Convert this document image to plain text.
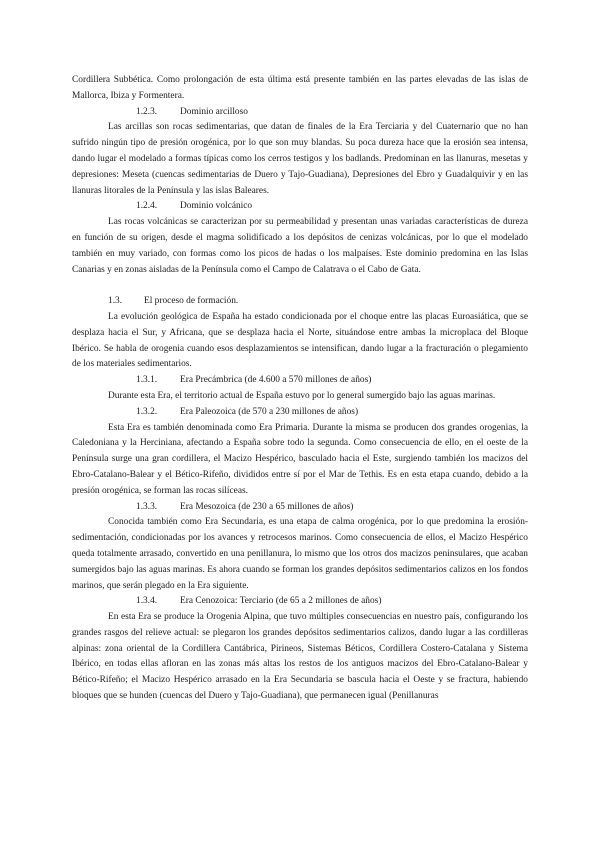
Cordillera Subbética. Como prolongación de esta última está presente también en las partes elevadas de las islas de Mallorca, Ibiza y Formentera.

1.2.3. Dominio arcilloso

Las arcillas son rocas sedimentarias, que datan de finales de la Era Terciaria y del Cuaternario que no han sufrido ningún tipo de presión orogénica, por lo que son muy blandas. Su poca dureza hace que la erosión sea intensa, dando lugar el modelado a formas típicas como los cerros testigos y los badlands. Predominan en las llanuras, mesetas y depresiones: Meseta (cuencas sedimentarias de Duero y Tajo-Guadiana), Depresiones del Ebro y Guadalquivir y en las llanuras litorales de la Península y las islas Baleares.

1.2.4. Dominio volcánico

Las rocas volcánicas se caracterizan por su permeabilidad y presentan unas variadas características de dureza en función de su origen, desde el magma solidificado a los depósitos de cenizas volcánicas, por lo que el modelado también en muy variado, con formas como los picos de hadas o los malpaíses. Este dominio predomina en las Islas Canarias y en zonas aisladas de la Península como el Campo de Calatrava o el Cabo de Gata.

1.3. El proceso de formación.

La evolución geológica de España ha estado condicionada por el choque entre las placas Euroasiática, que se desplaza hacia el Sur, y Africana, que se desplaza hacia el Norte, situándose entre ambas la microplaca del Bloque Ibérico. Se habla de orogenia cuando esos desplazamientos se intensifican, dando lugar a la fracturación o plegamiento de los materiales sedimentarios.

1.3.1. Era Precámbrica (de 4.600 a 570 millones de años)

Durante esta Era, el territorio actual de España estuvo por lo general sumergido bajo las aguas marinas.

1.3.2. Era Paleozoica (de 570 a 230 millones de años)

Esta Era es también denominada como Era Primaria. Durante la misma se producen dos grandes orogenias, la Caledoniana y la Herciniana, afectando a España sobre todo la segunda. Como consecuencia de ello, en el oeste de la Península surge una gran cordillera, el Macizo Hespérico, basculado hacia el Este, surgiendo también los macizos del Ebro-Catalano-Balear y el Bético-Rifeño, divididos entre sí por el Mar de Tethis. Es en esta etapa cuando, debido a la presión orogénica, se forman las rocas silíceas.

1.3.3. Era Mesozoica (de 230 a 65 millones de años)

Conocida también como Era Secundaria, es una etapa de calma orogénica, por lo que predomina la erosión-sedimentación, condicionadas por los avances y retrocesos marinos. Como consecuencia de ellos, el Macizo Hespérico queda totalmente arrasado, convertido en una penillanura, lo mismo que los otros dos macizos peninsulares, que acaban sumergidos bajo las aguas marinas. Es ahora cuando se forman los grandes depósitos sedimentarios calizos en los fondos marinos, que serán plegado en la Era siguiente.

1.3.4. Era Cenozoica: Terciario (de 65 a 2 millones de años)

En esta Era se produce la Orogenia Alpina, que tuvo múltiples consecuencias en nuestro país, configurando los grandes rasgos del relieve actual: se plegaron los grandes depósitos sedimentarios calizos, dando lugar a las cordilleras alpinas: zona oriental de la Cordillera Cantábrica, Pirineos, Sistemas Béticos, Cordillera Costero-Catalana y Sistema Ibérico, en todas ellas afloran en las zonas más altas los restos de los antiguos macizos del Ebro-Catalano-Balear y Bético-Rifeño; el Macizo Hespérico arrasado en la Era Secundaria se bascula hacia el Oeste y se fractura, habiendo bloques que se hunden (cuencas del Duero y Tajo-Guadiana), que permanecen igual (Penillanuras
